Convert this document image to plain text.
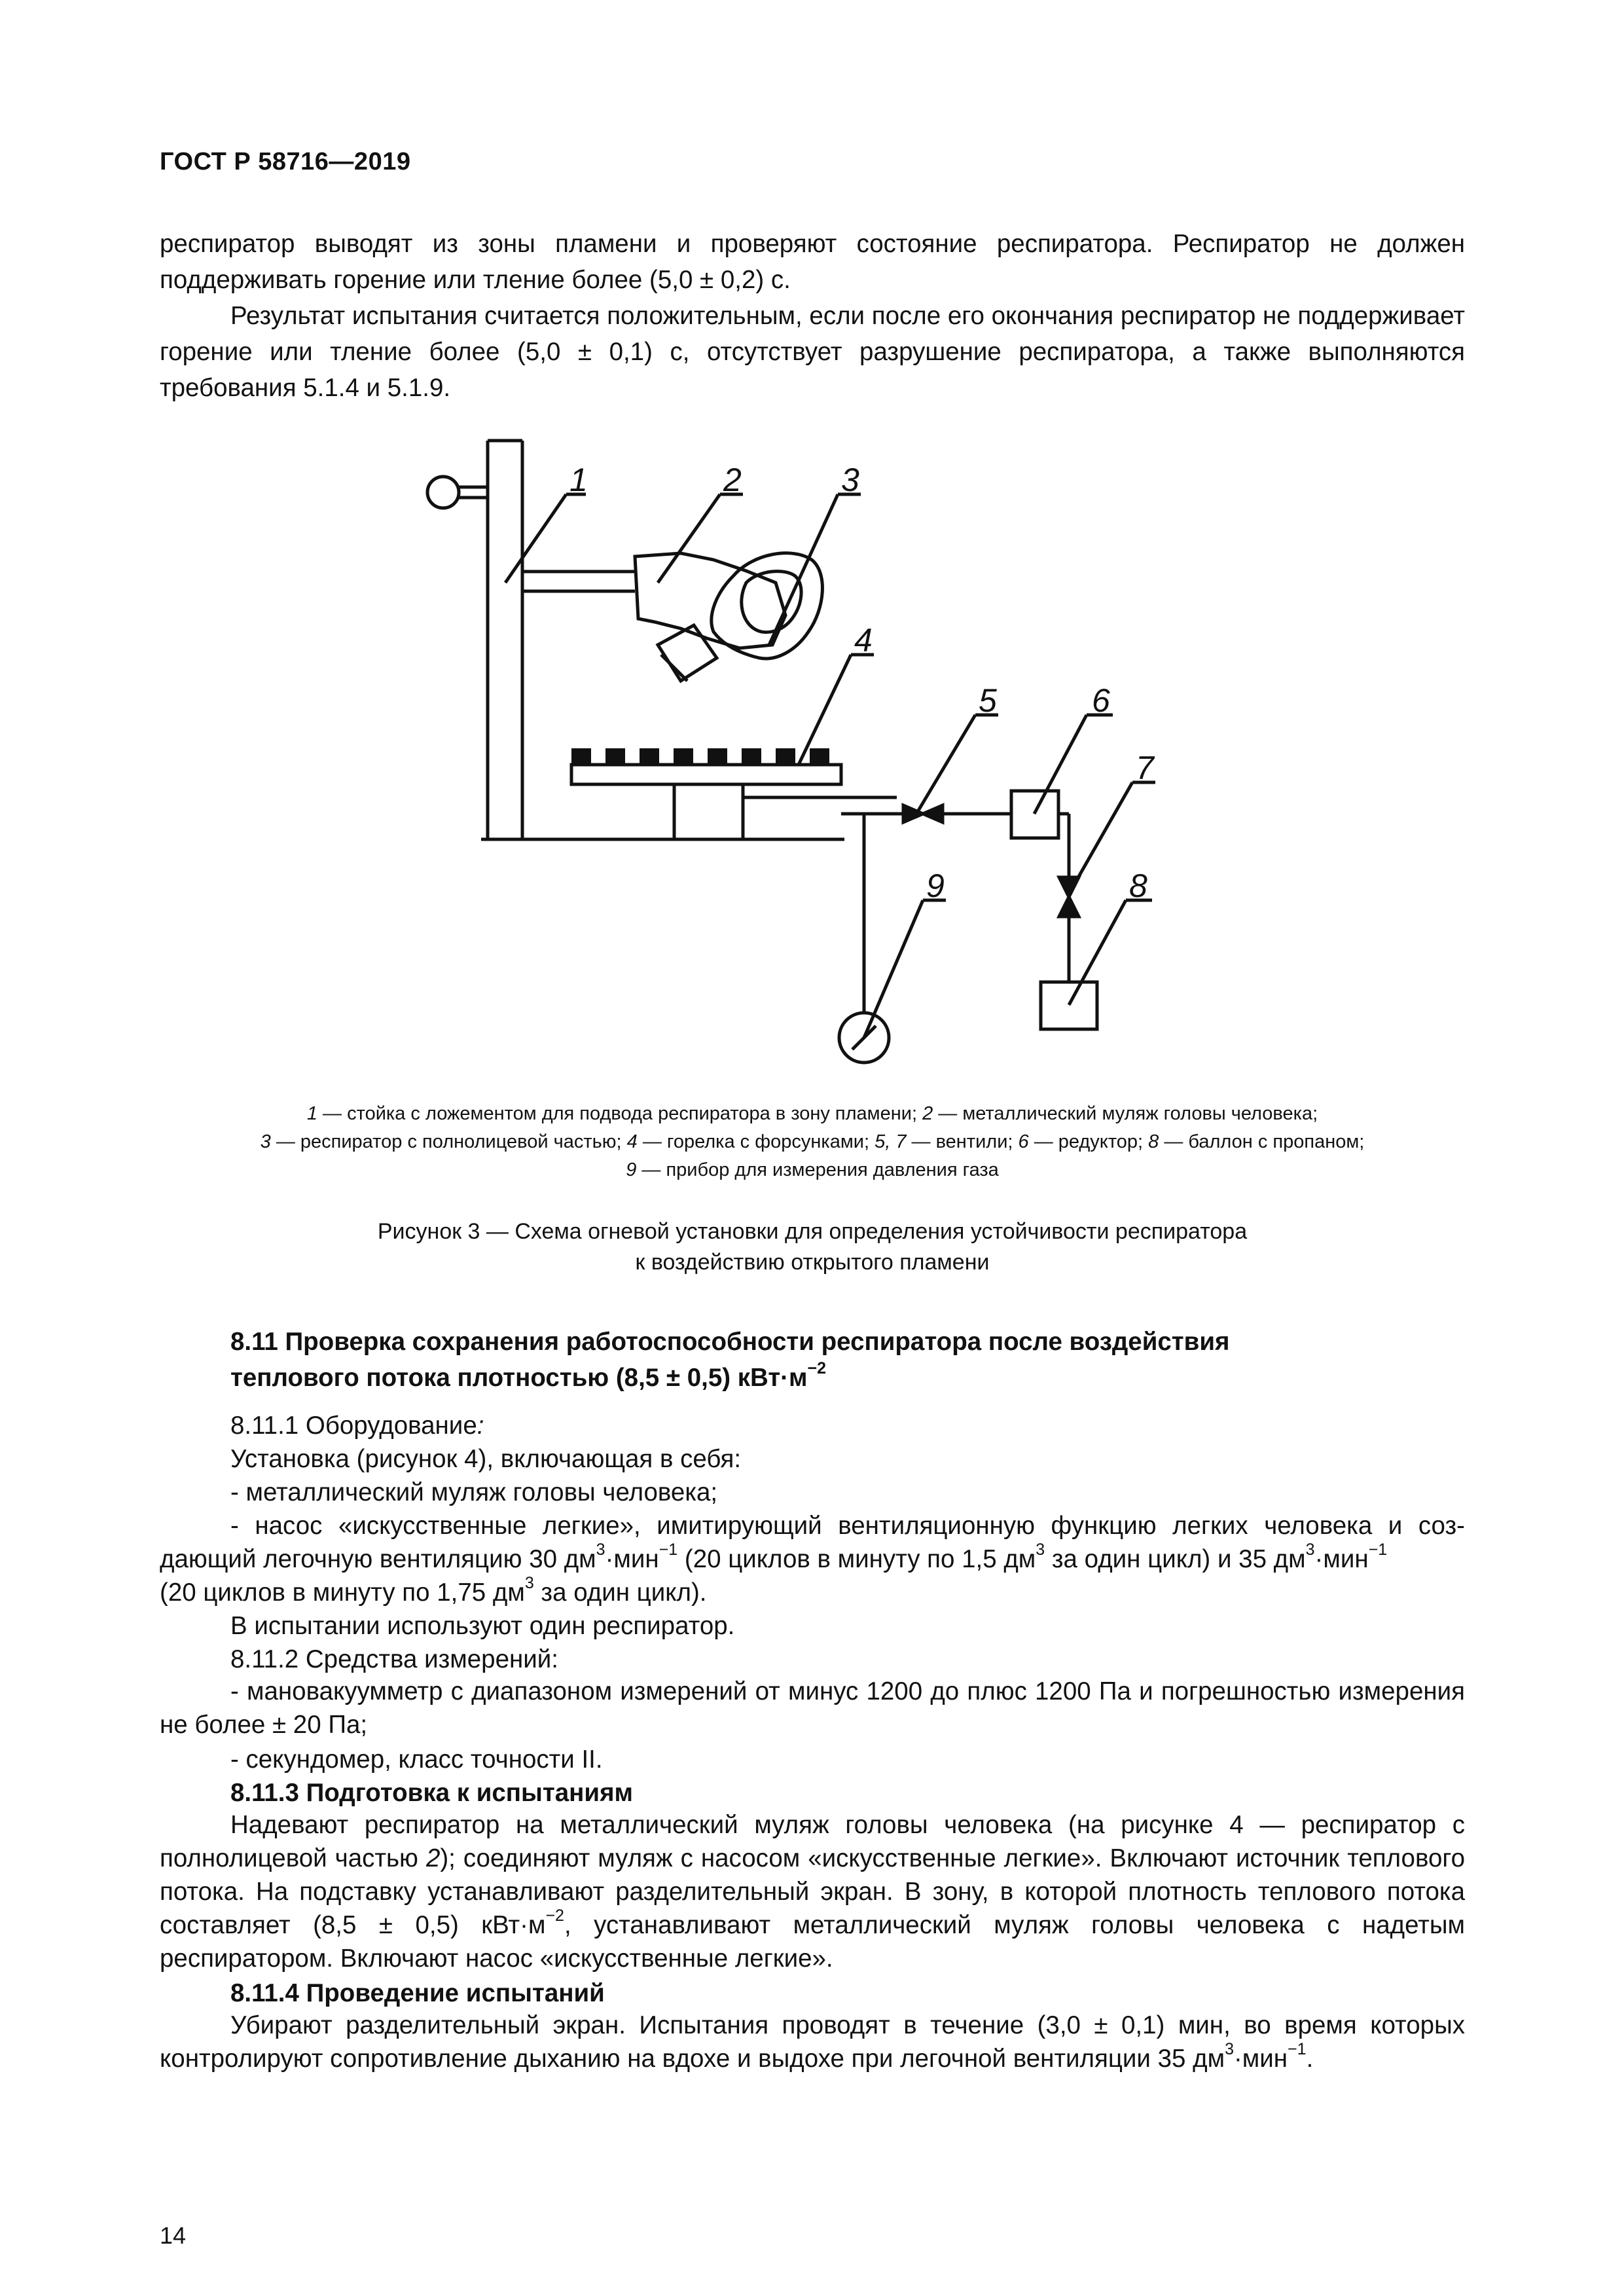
ГОСТ Р 58716—2019
респиратор выводят из зоны пламени и проверяют состояние респиратора. Респиратор не должен поддерживать горение или тление более (5,0 ± 0,2) с.
Результат испытания считается положительным, если после его окончания респиратор не поддерживает горение или тление более (5,0 ± 0,1) с, отсутствует разрушение респиратора, а также выполняются требования 5.1.4 и 5.1.9.
1	2	3
4
5	6
7
8
9
1 — стойка с ложементом для подвода респиратора в зону пламени; 2 — металлический муляж головы человека;
3 — респиратор с полнолицевой частью; 4 — горелка с форсунками; 5, 7 — вентили; 6 — редуктор; 8 — баллон с пропаном;
9 — прибор для измерения давления газа
Рисунок 3 — Схема огневой установки для определения устойчивости респиратора
к воздействию открытого пламени
8.11 Проверка сохранения работоспособности респиратора после воздействия
теплового потока плотностью (8,5 ± 0,5) $кВт\cdot м^{-2}$
8.11.1 Оборудование:
Установка (рисунок 4), включающая в себя:
- металлический муляж головы человека;
- насос «искусственные легкие», имитирующий вентиляционную функцию легких человека и соз-
дающий легочную вентиляцию 30 $дм^3\cdot мин^{-1}$ (20 циклов в минуту по 1,5 $дм^3$ за один цикл) и 35 $дм^3\cdot мин^{-1}$
(20 циклов в минуту по 1,75 $дм^3$ за один цикл).
В испытании используют один респиратор.
8.11.2 Средства измерений:
- мановакуумметр с диапазоном измерений от минус 1200 до плюс 1200 Па и погрешностью измерения не более ± 20 Па;
- секундомер, класс точности II.
8.11.3 Подготовка к испытаниям
Надевают респиратор на металлический муляж головы человека (на рисунке 4 — респиратор с полнолицевой частью 2); соединяют муляж с насосом «искусственные легкие». Включают источник теплового потока. На подставку устанавливают разделительный экран. В зону, в которой плотность теплового потока составляет (8,5 ± 0,5) $кВт\cdot м^{-2}$, устанавливают металлический муляж головы человека с надетым респиратором. Включают насос «искусственные легкие».
8.11.4 Проведение испытаний
Убирают разделительный экран. Испытания проводят в течение (3,0 ± 0,1) мин, во время которых контролируют сопротивление дыханию на вдохе и выдохе при легочной вентиляции 35 $дм^3\cdot мин^{-1}$.
14
